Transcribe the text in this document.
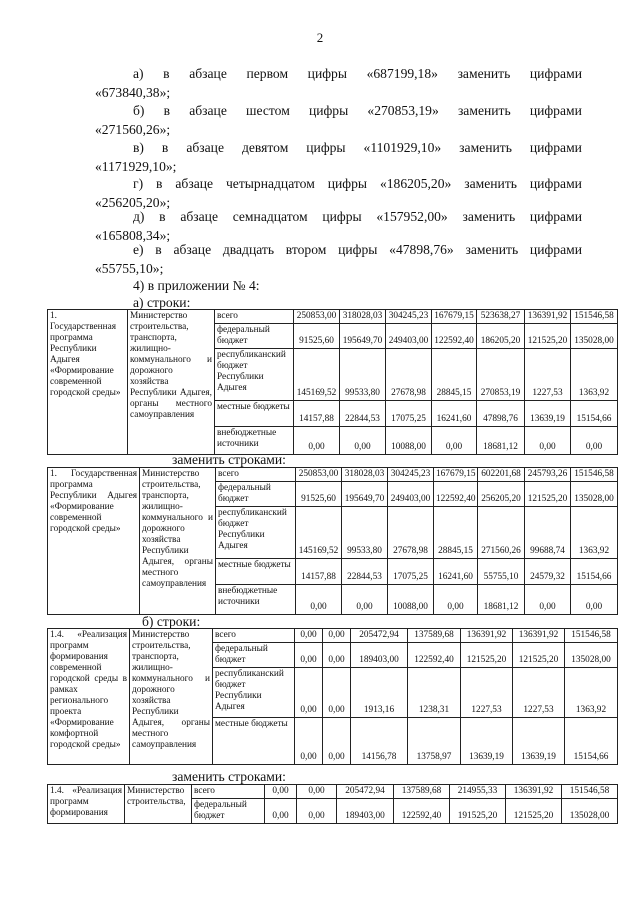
2
а) в абзаце первом цифры «687199,18» заменить цифрами
«673840,38»;
б) в абзаце шестом цифры «270853,19» заменить цифрами
«271560,26»;
в) в абзаце девятом цифры «1101929,10» заменить цифрами
«1171929,10»;
г) в абзаце четырнадцатом цифры «186205,20» заменить цифрами
«256205,20»;
д) в абзаце семнадцатом цифры «157952,00» заменить цифрами
«165808,34»;
е) в абзаце двадцать втором цифры «47898,76» заменить цифрами
«55755,10»;
4) в приложении № 4:
а) строки:
1. Государственная программа Республики Адыгея «Формирование современной городской среды»	Министерство строительства, транспорта, жилищно-коммунального и дорожного хозяйства Республики Адыгея, органы местного самоуправления	всего	250853,00	318028,03	304245,23	167679,15	523638,27	136391,92	151546,58
		федеральный бюджет	91525,60	195649,70	249403,00	122592,40	186205,20	121525,20	135028,00
		республиканский бюджет Республики Адыгея	145169,52	99533,80	27678,98	28845,15	270853,19	1227,53	1363,92
		местные бюджеты	14157,88	22844,53	17075,25	16241,60	47898,76	13639,19	15154,66
		внебюджетные источники	0,00	0,00	10088,00	0,00	18681,12	0,00	0,00
заменить строками:
1. Государственная программа Республики Адыгея «Формирование современной городской среды»	Министерство строительства, транспорта, жилищно-коммунального и дорожного хозяйства Республики Адыгея, органы местного самоуправления	всего	250853,00	318028,03	304245,23	167679,15	602201,68	245793,26	151546,58
		федеральный бюджет	91525,60	195649,70	249403,00	122592,40	256205,20	121525,20	135028,00
		республиканский бюджет Республики Адыгея	145169,52	99533,80	27678,98	28845,15	271560,26	99688,74	1363,92
		местные бюджеты	14157,88	22844,53	17075,25	16241,60	55755,10	24579,32	15154,66
		внебюджетные источники	0,00	0,00	10088,00	0,00	18681,12	0,00	0,00
б) строки:
1.4. «Реализация программ формирования современной городской среды в рамках регионального проекта «Формирование комфортной городской среды»	Министерство строительства, транспорта, жилищно-коммунального и дорожного хозяйства Республики Адыгея, органы местного самоуправления	всего	0,00	0,00	205472,94	137589,68	136391,92	136391,92	151546,58
		федеральный бюджет	0,00	0,00	189403,00	122592,40	121525,20	121525,20	135028,00
		республиканский бюджет Республики Адыгея	0,00	0,00	1913,16	1238,31	1227,53	1227,53	1363,92
		местные бюджеты	0,00	0,00	14156,78	13758,97	13639,19	13639,19	15154,66
заменить строками:
1.4. «Реализация программ формирования	Министерство строительства,	всего	0,00	0,00	205472,94	137589,68	214955,33	136391,92	151546,58
		федеральный бюджет	0,00	0,00	189403,00	122592,40	191525,20	121525,20	135028,00
